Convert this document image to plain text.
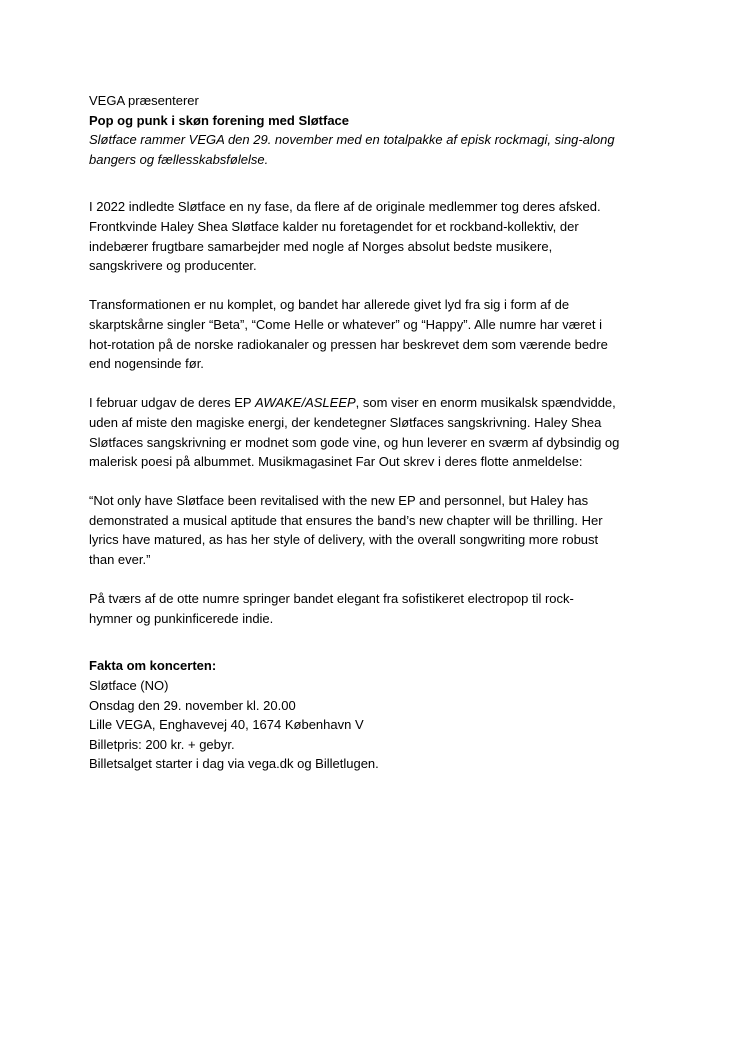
VEGA præsenterer
Pop og punk i skøn forening med Sløtface
Sløtface rammer VEGA den 29. november med en totalpakke af episk rockmagi, sing-along
bangers og fællesskabsfølelse.
I 2022 indledte Sløtface en ny fase, da flere af de originale medlemmer tog deres afsked.
Frontkvinde Haley Shea Sløtface kalder nu foretagendet for et rockband-kollektiv, der
indebærer frugtbare samarbejder med nogle af Norges absolut bedste musikere,
sangskrivere og producenter.
Transformationen er nu komplet, og bandet har allerede givet lyd fra sig i form af de
skarptskårne singler “Beta”, “Come Helle or whatever” og “Happy”. Alle numre har været i
hot-rotation på de norske radiokanaler og pressen har beskrevet dem som værende bedre
end nogensinde før.
I februar udgav de deres EP AWAKE/ASLEEP, som viser en enorm musikalsk spændvidde,
uden af miste den magiske energi, der kendetegner Sløtfaces sangskrivning. Haley Shea
Sløtfaces sangskrivning er modnet som gode vine, og hun leverer en sværm af dybsindig og
malerisk poesi på albummet. Musikmagasinet Far Out skrev i deres flotte anmeldelse:
“Not only have Sløtface been revitalised with the new EP and personnel, but Haley has
demonstrated a musical aptitude that ensures the band’s new chapter will be thrilling. Her
lyrics have matured, as has her style of delivery, with the overall songwriting more robust
than ever.”
På tværs af de otte numre springer bandet elegant fra sofistikeret electropop til rock-
hymner og punkinficerede indie.
Fakta om koncerten:
Sløtface (NO)
Onsdag den 29. november kl. 20.00
Lille VEGA, Enghavevej 40, 1674 København V
Billetpris: 200 kr. + gebyr.
Billetsalget starter i dag via vega.dk og Billetlugen.
